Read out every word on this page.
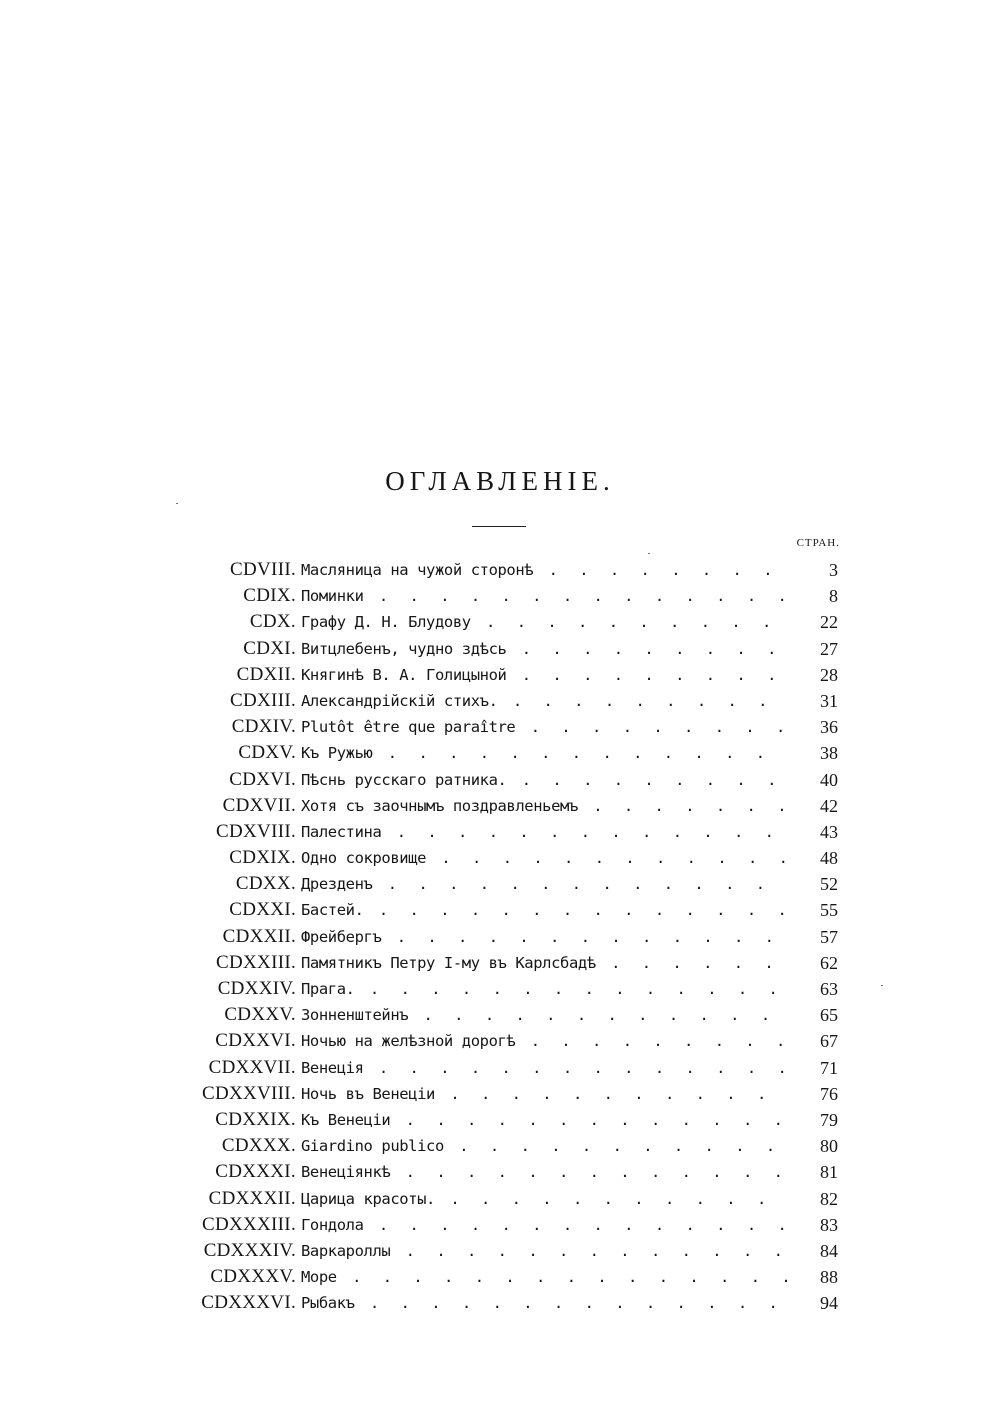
ОГЛАВЛЕНІЕ.
СТРАН.
CDVIII. Масляница на чужой сторонѣ . . .	3
CDIX. Поминки . . .	8
CDX. Графу Д. Н. Блудову . . .	22
CDXI. Витцлебенъ, чудно здѣсь . . .	27
CDXII. Княгинѣ В. А. Голицыной . . .	28
CDXIII. Александрійскій стихъ. . . .	31
CDXIV. Plutôt être que paraître . . .	36
CDXV. Къ Ружью . . .	38
CDXVI. Пѣснь русскаго ратника. . . .	40
CDXVII. Хотя съ заочнымъ поздравленьемъ . . .	42
CDXVIII. Палестина . . .	43
CDXIX. Одно сокровище . . .	48
CDXX. Дрезденъ . . .	52
CDXXI. Бастей. . . .	55
CDXXII. Фрейбергъ . . .	57
CDXXIII. Памятникъ Петру I-му въ Карлсбадѣ . . .	62
CDXXIV. Прага. . . .	63
CDXXV. Зонненштейнъ . . .	65
CDXXVI. Ночью на желѣзной дорогѣ . . .	67
CDXXVII. Венеція . . .	71
CDXXVIII. Ночь въ Венеціи . . .	76
CDXXIX. Къ Венеціи . . .	79
CDXXX. Giardino publico . . .	80
CDXXXI. Венеціянкѣ . . .	81
CDXXXII. Царица красоты. . . .	82
CDXXXIII. Гондола . . .	83
CDXXXIV. Варкароллы . . .	84
CDXXXV. Море . . .	88
CDXXXVI. Рыбакъ . . .	94
